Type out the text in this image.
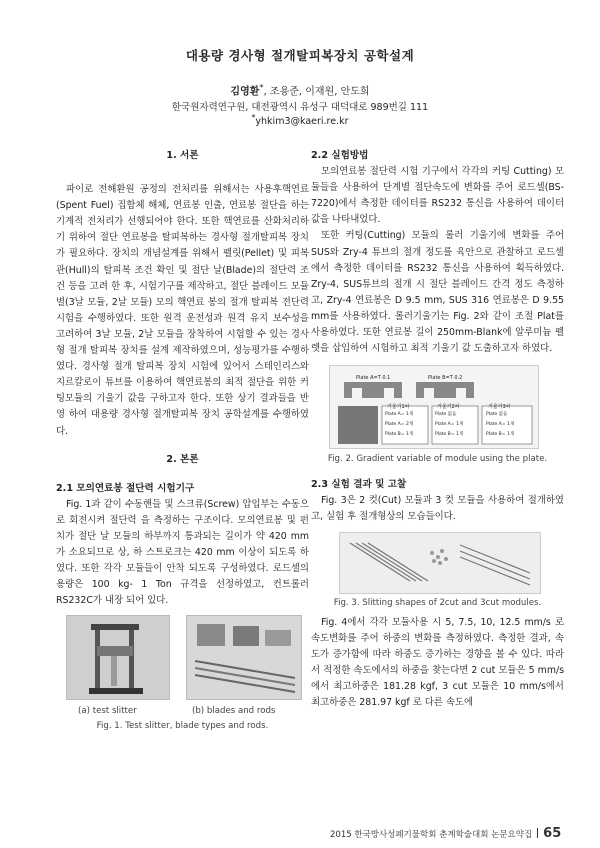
대용량 경사형 절개탈피복장치 공학설계
김영환*, 조용준, 이재원, 안도희
한국원자력연구원, 대전광역시 유성구 대덕대로 989번길 111
*yhkim3@kaeri.re.kr
1. 서론

파이로 전해환원 공정의 전처리를 위해서는 사용후핵연료(Spent Fuel) 집합체 해체, 연료봉 인출, 연료봉 절단을 하는 기계적 전처리가 선행되어야 한다. 또한 핵연료를 산화처리하기 위하여 절단 연료봉을 탈피복하는 경사형 절개탈피복 장치가 필요하다. 장치의 개념설계를 위해서 펠릿(Pellet) 및 피복관(Hull)의 탈피복 조건 확인 및 절단 날(Blade)의 절단력 조건 등을 고려 한 후, 시험기구를 제작하고, 절단 블레이드 모듈별(3날 모듈, 2날 모듈) 모의 핵연료 봉의 절개 탈피복 전단력 시험을 수행하였다. 또한 원격 운전성과 원격 유지 보수성을 고려하여 3날 모듈, 2날 모듈을 장착하여 시험할 수 있는 경사형 절개 탈피복 장치를 설계 제작하였으며, 성능평가를 수행하였다. 경사형 절개 탈피복 장치 시험에 있어서 스테인리스와 지르칼로이 튜브를 이용하여 핵연료봉의 최적 절단을 위한 커팅모듈의 기울기 값을 구하고자 한다. 또한 상기 결과들을 반영 하여 대용량 경사형 절개탈피복 장치 공학설계를 수행하였다.

2. 본론
2.1 모의연료봉 절단력 시험기구

Fig. 1과 같이 수동핸들 및 스크류(Screw) 압입부는 수동으로 회전시켜 절단력 을 측정하는 구조이다. 모의연료봉 및 펀치가 절단 날 모듈의 하부까지 통과되는 길이가 약 420 mm 가 소요되므로 상, 하 스트로크는 420 mm 이상이 되도록 하였다. 또한 각각 모듈들이 안착 되도록 구성하였다. 로드셀의 용량은 100 kg- 1 Ton 규격을 선정하였고, 컨트롤러 RS232C가 내장 되어 있다.

(a) test slitter	(b) blades and rods
Fig. 1. Test slitter, blade types and rods.
2.2 실험방법

모의연료봉 절단력 시험 기구에서 각각의 커팅 Cutting) 모듈들을 사용하여 단계별 절단속도에 변화를 주어 로드셀(BS-7220)에서 측정한 데이터를 RS232 통신을 사용하여 데이터 값을 나타내었다.

또한 커팅(Cutting) 모듈의 롤러 기울기에 변화를 주어 SUS와 Zry-4 튜브의 절개 정도를 육안으로 관찰하고 로드셀에서 측정한 데이터를 RS232 통신을 사용하여 획득하였다. Zry-4, SUS튜브의 절개 시 절단 블레이드 간격 정도 측정하고, Zry-4 연료봉은 D 9.5 mm, SUS 316 연료봉은 D 9.55 mm를 사용하였다. 롤러기울기는 Fig. 2와 같이 조절 Plat를 사용하였다. 또한 연료봉 길이 250mm-Blank에 알루미늄 펠렛을 삽입하여 시험하고 최적 기울기 값 도출하고자 하였다.

Plate A=T 0.1	Plate B=T 0.2
기울기1차	기울기2차	기울기3차
Plate A= 1개
Plate A= 2개
Plate B= 1개
Plate 없음
Plate A= 1개
Plate B= 1개
Plate 없음
Plate A= 1개
Plate B= 1개
Fig. 2. Gradient variable of module using the plate.
2.3 실험 결과 및 고찰

Fig. 3은 2 컷(Cut) 모듈과 3 컷 모듈을 사용하여 절개하였고, 실험 후 절개형상의 모습들이다.

Fig. 3. Slitting shapes of 2cut and 3cut modules.

Fig. 4에서 각각 모듈사용 시 5, 7.5, 10, 12.5 mm/s 로 속도변화를 주어 하중의 변화를 측정하였다. 측정한 결과, 속도가 증가함에 따라 하중도 증가하는 경향을 볼 수 있다. 따라서 적정한 속도에서의 하중을 찾는다면 2 cut 모듈은 5 mm/s에서 최고하중은 181.28 kgf, 3 cut 모듈은 10 mm/s에서 최고하중은 281.97 kgf 로 다른 속도에

2015 한국방사성폐기물학회 춘계학술대회 논문요약집 65
